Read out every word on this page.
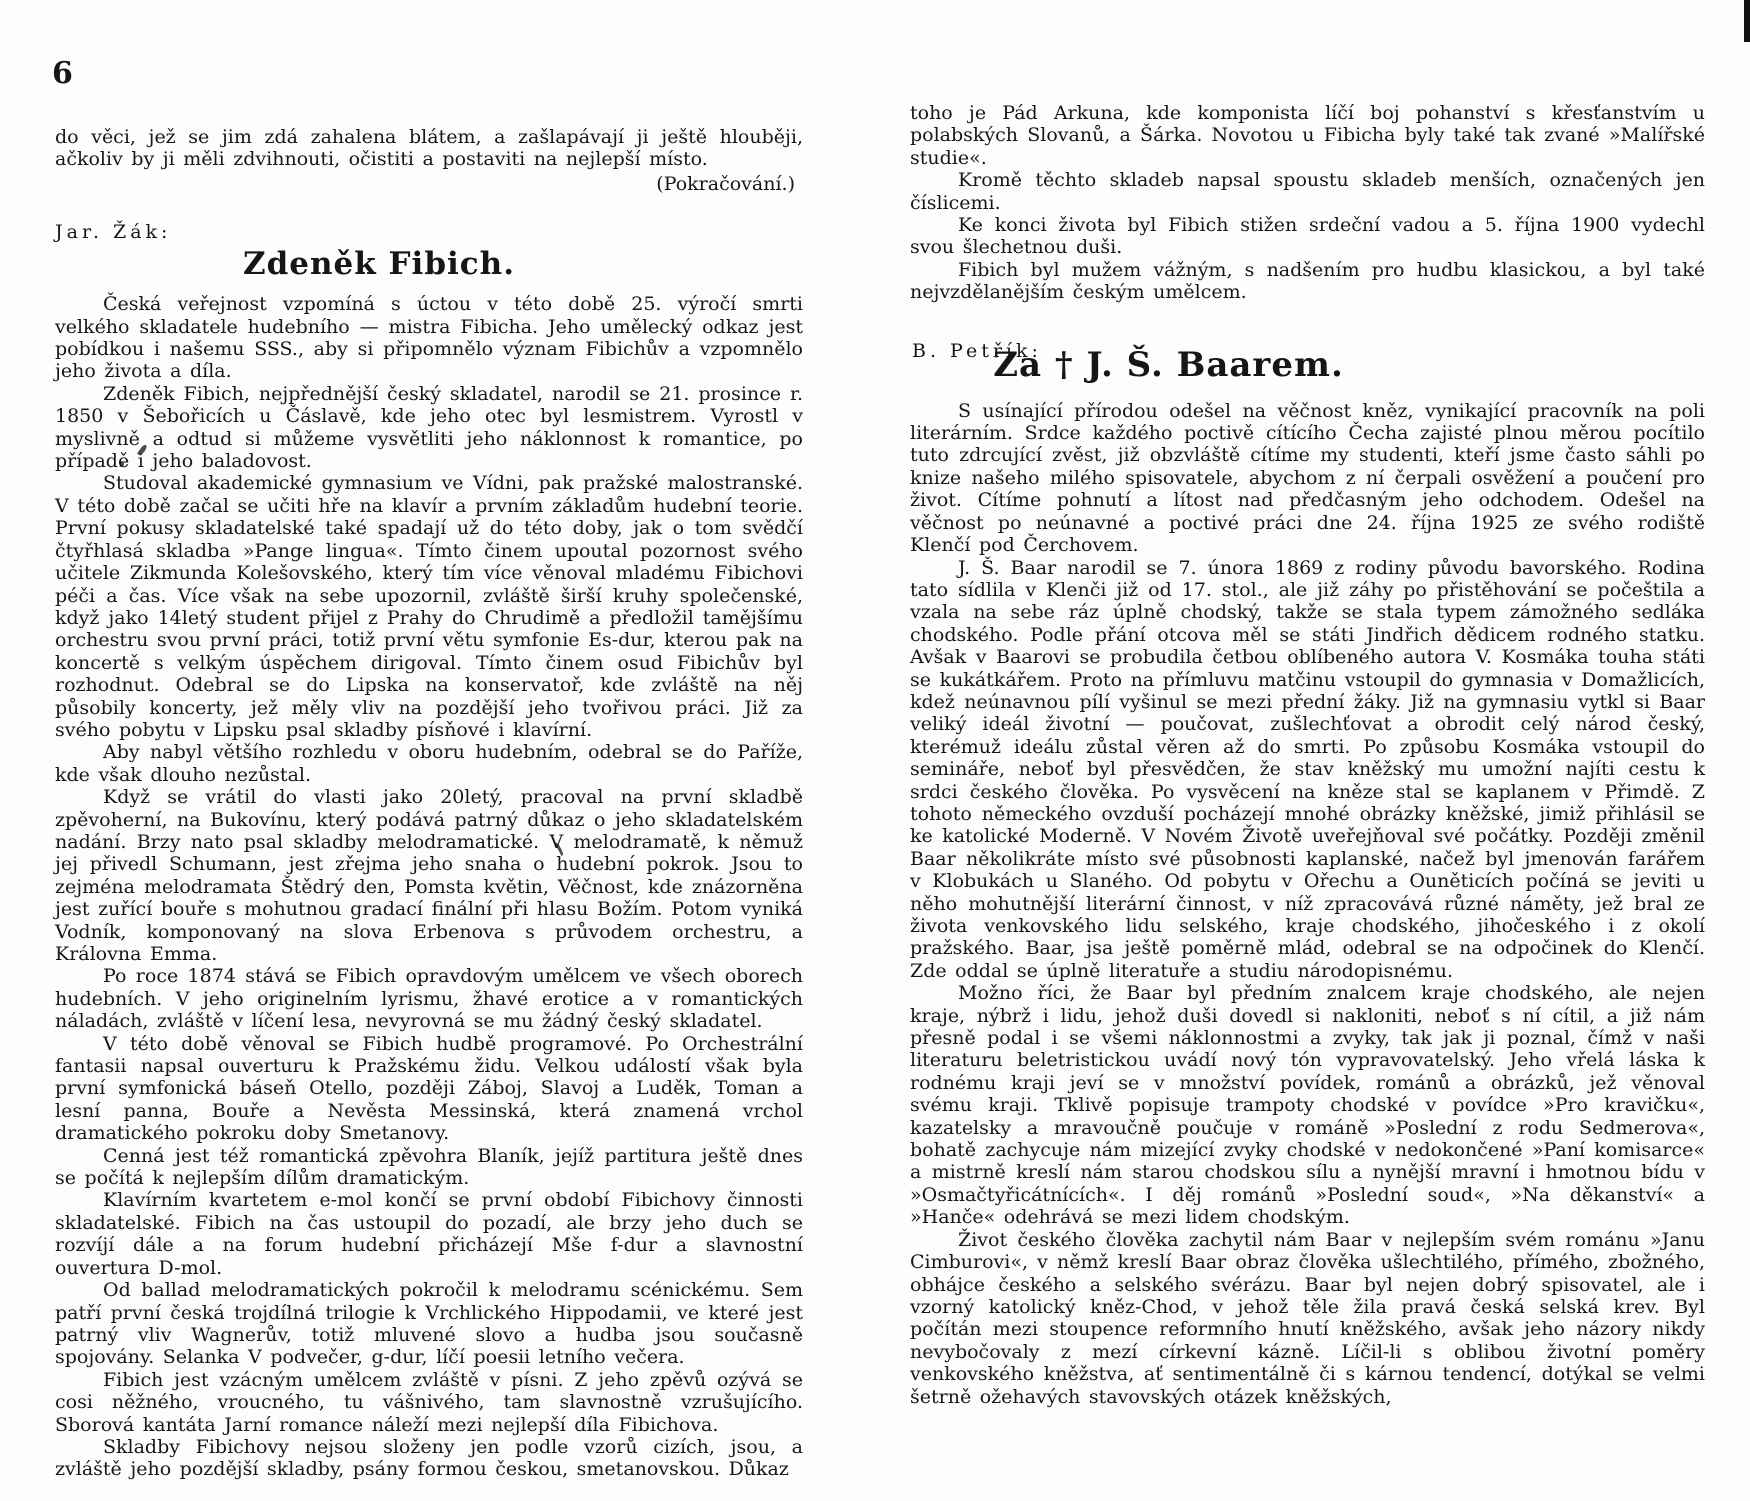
6

do věci, jež se jim zdá zahalena blátem, a zašlapávají ji ještě hlouběji, ačkoliv by ji měli zdvihnouti, očistiti a postaviti na nejlepší místo.

(Pokračování.)

Jar. Žák:
Zdeněk Fibich.

Česká veřejnost vzpomíná s úctou v této době 25. výročí smrti velkého skladatele hudebního — mistra Fibicha. Jeho umělecký odkaz jest pobídkou i našemu SSS., aby si připomnělo význam Fibichův a vzpomnělo jeho života a díla.

Zdeněk Fibich, nejpřednější český skladatel, narodil se 21. prosince r. 1850 v Šebořicích u Čáslavě, kde jeho otec byl lesmistrem. Vyrostl v myslivně a odtud si můžeme vysvětliti jeho náklonnost k romantice, po případě i jeho baladovost.

Studoval akademické gymnasium ve Vídni, pak pražské malostranské. V této době začal se učiti hře na klavír a prvním základům hudební teorie. První pokusy skladatelské také spadají už do této doby, jak o tom svědčí čtyřhlasá skladba »Pange lingua«. Tímto činem upoutal pozornost svého učitele Zikmunda Kolešovského, který tím více věnoval mladému Fibichovi péči a čas. Více však na sebe upozornil, zvláště širší kruhy společenské, když jako 14letý student přijel z Prahy do Chrudimě a předložil tamějšímu orchestru svou první práci, totiž první větu symfonie Es-dur, kterou pak na koncertě s velkým úspěchem dirigoval. Tímto činem osud Fibichův byl rozhodnut. Odebral se do Lipska na konservatoř, kde zvláště na něj působily koncerty, jež měly vliv na pozdější jeho tvořivou práci. Již za svého pobytu v Lipsku psal skladby písňové i klavírní.

Aby nabyl většího rozhledu v oboru hudebním, odebral se do Paříže, kde však dlouho nezůstal.

Když se vrátil do vlasti jako 20letý, pracoval na první skladbě zpěvoherní, na Bukovínu, který podává patrný důkaz o jeho skladatelském nadání. Brzy nato psal skladby melodramatické. V melodramatě, k němuž jej přivedl Schumann, jest zřejma jeho snaha o hudební pokrok. Jsou to zejména melodramata Štědrý den, Pomsta květin, Věčnost, kde znázorněna jest zuřící bouře s mohutnou gradací finální při hlasu Božím. Potom vyniká Vodník, komponovaný na slova Erbenova s průvodem orchestru, a Královna Emma.

Po roce 1874 stává se Fibich opravdovým umělcem ve všech oborech hudebních. V jeho originelním lyrismu, žhavé erotice a v romantických náladách, zvláště v líčení lesa, nevyrovná se mu žádný český skladatel.

V této době věnoval se Fibich hudbě programové. Po Orchestrální fantasii napsal ouverturu k Pražskému židu. Velkou událostí však byla první symfonická báseň Otello, později Záboj, Slavoj a Luděk, Toman a lesní panna, Bouře a Nevěsta Messinská, která znamená vrchol dramatického pokroku doby Smetanovy.

Cenná jest též romantická zpěvohra Blaník, jejíž partitura ještě dnes se počítá k nejlepším dílům dramatickým.

Klavírním kvartetem e-mol končí se první období Fibichovy činnosti skladatelské. Fibich na čas ustoupil do pozadí, ale brzy jeho duch se rozvíjí dále a na forum hudební přicházejí Mše f-dur a slavnostní ouvertura D-mol.

Od ballad melodramatických pokročil k melodramu scénickému. Sem patří první česká trojdílná trilogie k Vrchlického Hippodamii, ve které jest patrný vliv Wagnerův, totiž mluvené slovo a hudba jsou současně spojovány. Selanka V podvečer, g-dur, líčí poesii letního večera.

Fibich jest vzácným umělcem zvláště v písni. Z jeho zpěvů ozývá se cosi něžného, vroucného, tu vášnivého, tam slavnostně vzrušujícího. Sborová kantáta Jarní romance náleží mezi nejlepší díla Fibichova.

Skladby Fibichovy nejsou složeny jen podle vzorů cizích, jsou, a zvláště jeho pozdější skladby, psány formou českou, smetanovskou. Důkaz

toho je Pád Arkuna, kde komponista líčí boj pohanství s křesťanstvím u polabských Slovanů, a Šárka. Novotou u Fibicha byly také tak zvané »Malířské studie«.

Kromě těchto skladeb napsal spoustu skladeb menších, označených jen číslicemi.

Ke konci života byl Fibich stižen srdeční vadou a 5. října 1900 vydechl svou šlechetnou duši.

Fibich byl mužem vážným, s nadšením pro hudbu klasickou, a byl také nejvzdělanějším českým umělcem.

B. Petřík:
Za † J. Š. Baarem.

S usínající přírodou odešel na věčnost kněz, vynikající pracovník na poli literárním. Srdce každého poctivě cítícího Čecha zajisté plnou měrou pocítilo tuto zdrcující zvěst, již obzvláště cítíme my studenti, kteří jsme často sáhli po knize našeho milého spisovatele, abychom z ní čerpali osvěžení a poučení pro život. Cítíme pohnutí a lítost nad předčasným jeho odchodem. Odešel na věčnost po neúnavné a poctivé práci dne 24. října 1925 ze svého rodiště Klenčí pod Čerchovem.

J. Š. Baar narodil se 7. února 1869 z rodiny původu bavorského. Rodina tato sídlila v Klenči již od 17. stol., ale již záhy po přistěhování se počeštila a vzala na sebe ráz úplně chodský, takže se stala typem zámožného sedláka chodského. Podle přání otcova měl se státi Jindřich dědicem rodného statku. Avšak v Baarovi se probudila četbou oblíbeného autora V. Kosmáka touha státi se kukátkářem. Proto na přímluvu matčinu vstoupil do gymnasia v Domažlicích, kdež neúnavnou pílí vyšinul se mezi přední žáky. Již na gymnasiu vytkl si Baar veliký ideál životní — poučovat, zušlechťovat a obrodit celý národ český, kterémuž ideálu zůstal věren až do smrti. Po způsobu Kosmáka vstoupil do semináře, neboť byl přesvědčen, že stav kněžský mu umožní najíti cestu k srdci českého člověka. Po vysvěcení na kněze stal se kaplanem v Přimdě. Z tohoto německého ovzduší pocházejí mnohé obrázky kněžské, jimiž přihlásil se ke katolické Moderně. V Novém Životě uveřejňoval své počátky. Později změnil Baar několikráte místo své působnosti kaplanské, načež byl jmenován farářem v Klobukách u Slaného. Od pobytu v Ořechu a Ouněticích počíná se jeviti u něho mohutnější literární činnost, v níž zpracovává různé náměty, jež bral ze života venkovského lidu selského, kraje chodského, jihočeského i z okolí pražského. Baar, jsa ještě poměrně mlád, odebral se na odpočinek do Klenčí. Zde oddal se úplně literatuře a studiu národopisnému.

Možno říci, že Baar byl předním znalcem kraje chodského, ale nejen kraje, nýbrž i lidu, jehož duši dovedl si nakloniti, neboť s ní cítil, a již nám přesně podal i se všemi náklonnostmi a zvyky, tak jak ji poznal, čímž v naši literaturu beletristickou uvádí nový tón vypravovatelský. Jeho vřelá láska k rodnému kraji jeví se v množství povídek, románů a obrázků, jež věnoval svému kraji. Tklivě popisuje trampoty chodské v povídce »Pro kravičku«, kazatelsky a mravoučně poučuje v románě »Poslední z rodu Sedmerova«, bohatě zachycuje nám mizející zvyky chodské v nedokončené »Paní komisarce« a mistrně kreslí nám starou chodskou sílu a nynější mravní i hmotnou bídu v »Osmačtyřicátnících«. I děj románů »Poslední soud«, »Na děkanství« a »Hanče« odehrává se mezi lidem chodským.

Život českého člověka zachytil nám Baar v nejlepším svém románu »Janu Cimburovi«, v němž kreslí Baar obraz člověka ušlechtilého, přímého, zbožného, obhájce českého a selského svérázu. Baar byl nejen dobrý spisovatel, ale i vzorný katolický kněz-Chod, v jehož těle žila pravá česká selská krev. Byl počítán mezi stoupence reformního hnutí kněžského, avšak jeho názory nikdy nevybočovaly z mezí církevní kázně. Líčil-li s oblibou životní poměry venkovského kněžstva, ať sentimentálně či s kárnou tendencí, dotýkal se velmi šetrně ožehavých stavovských otázek kněžských,
